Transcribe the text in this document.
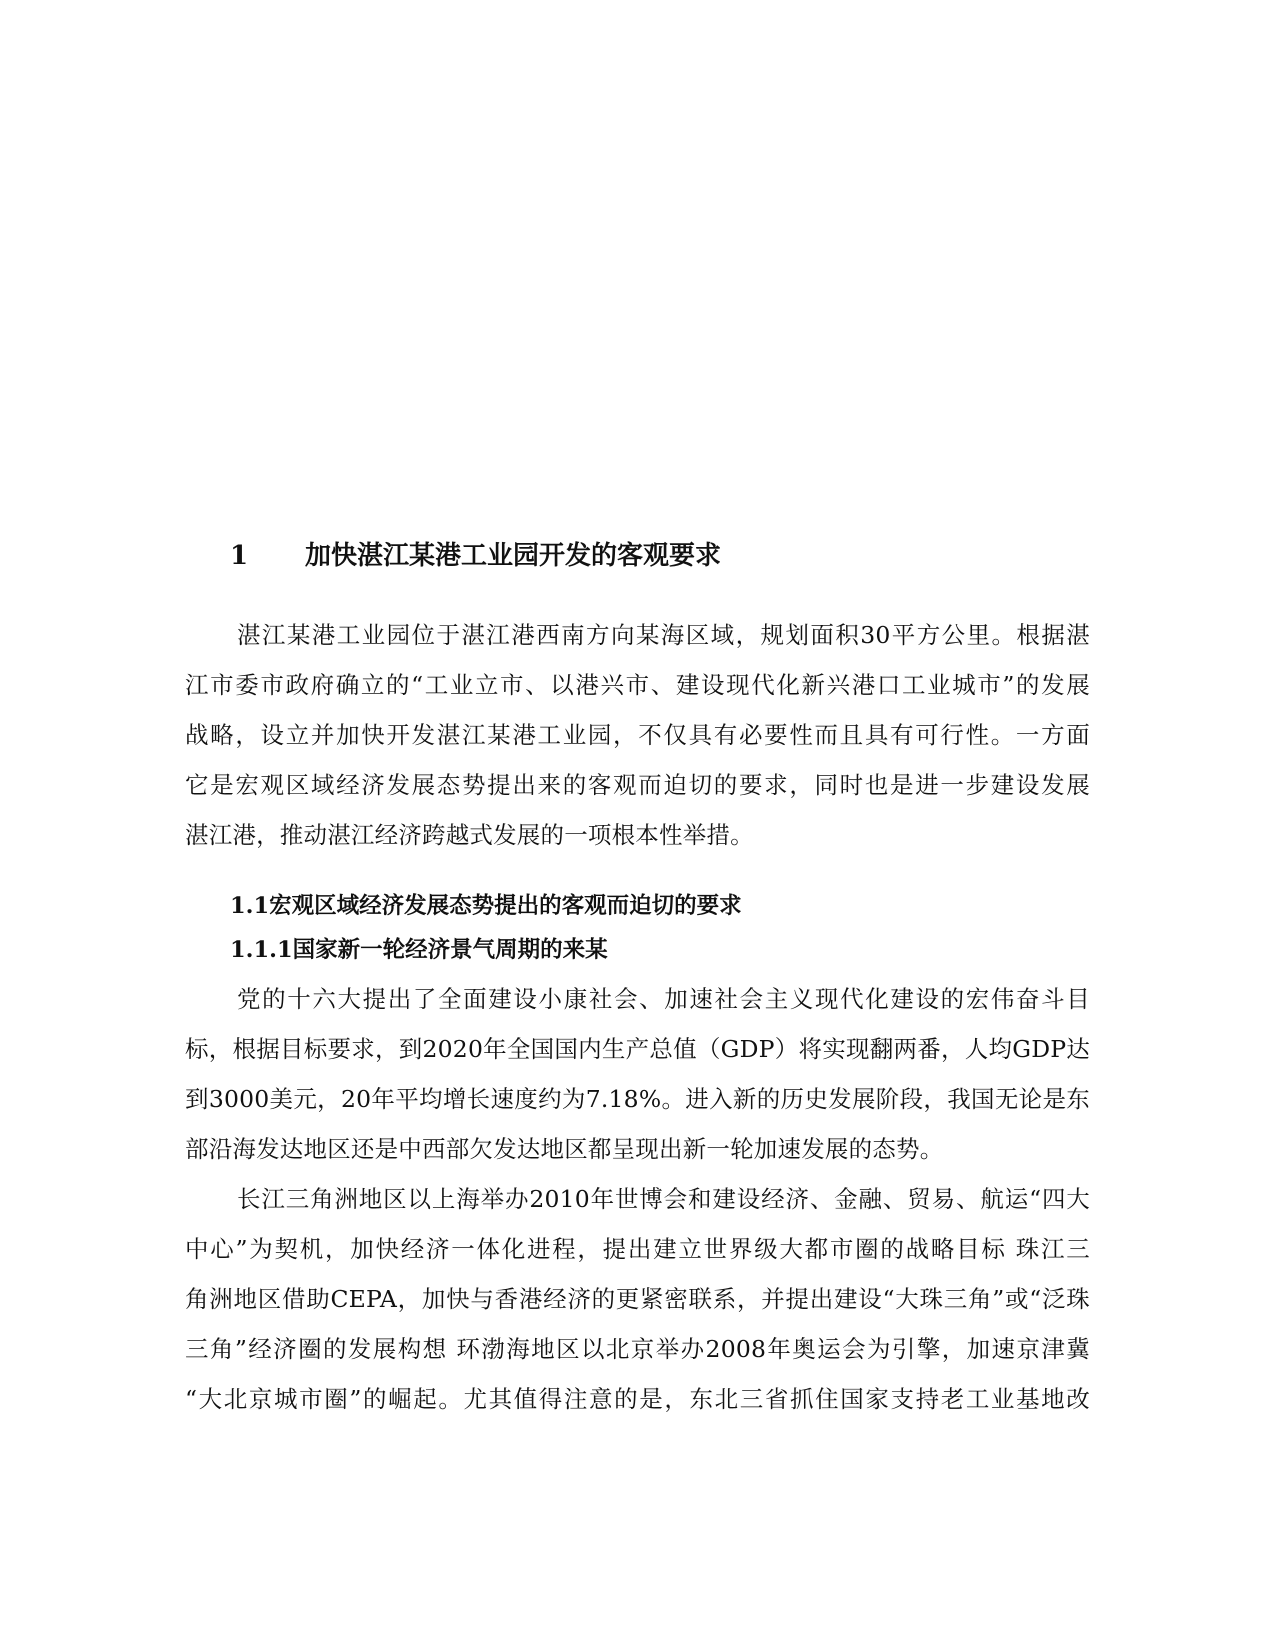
1 加快湛江某港工业园开发的客观要求
湛江某港工业园位于湛江港西南方向某海区域，规划面积30平方公里。根据湛
江市委市政府确立的“工业立市、以港兴市、建设现代化新兴港口工业城市”的发展
战略，设立并加快开发湛江某港工业园，不仅具有必要性而且具有可行性。一方面
它是宏观区域经济发展态势提出来的客观而迫切的要求，同时也是进一步建设发展
湛江港，推动湛江经济跨越式发展的一项根本性举措。
1.1宏观区域经济发展态势提出的客观而迫切的要求
1.1.1国家新一轮经济景气周期的来某
党的十六大提出了全面建设小康社会、加速社会主义现代化建设的宏伟奋斗目
标，根据目标要求，到2020年全国国内生产总值（GDP）将实现翻两番，人均GDP达
到3000美元，20年平均增长速度约为7.18%。进入新的历史发展阶段，我国无论是东
部沿海发达地区还是中西部欠发达地区都呈现出新一轮加速发展的态势。
长江三角洲地区以上海举办2010年世博会和建设经济、金融、贸易、航运“四大
中心”为契机，加快经济一体化进程，提出建立世界级大都市圈的战略目标 珠江三
角洲地区借助CEPA，加快与香港经济的更紧密联系，并提出建设“大珠三角”或“泛珠
三角”经济圈的发展构想 环渤海地区以北京举办2008年奥运会为引擎，加速京津冀
“大北京城市圈”的崛起。尤其值得注意的是，东北三省抓住国家支持老工业基地改
